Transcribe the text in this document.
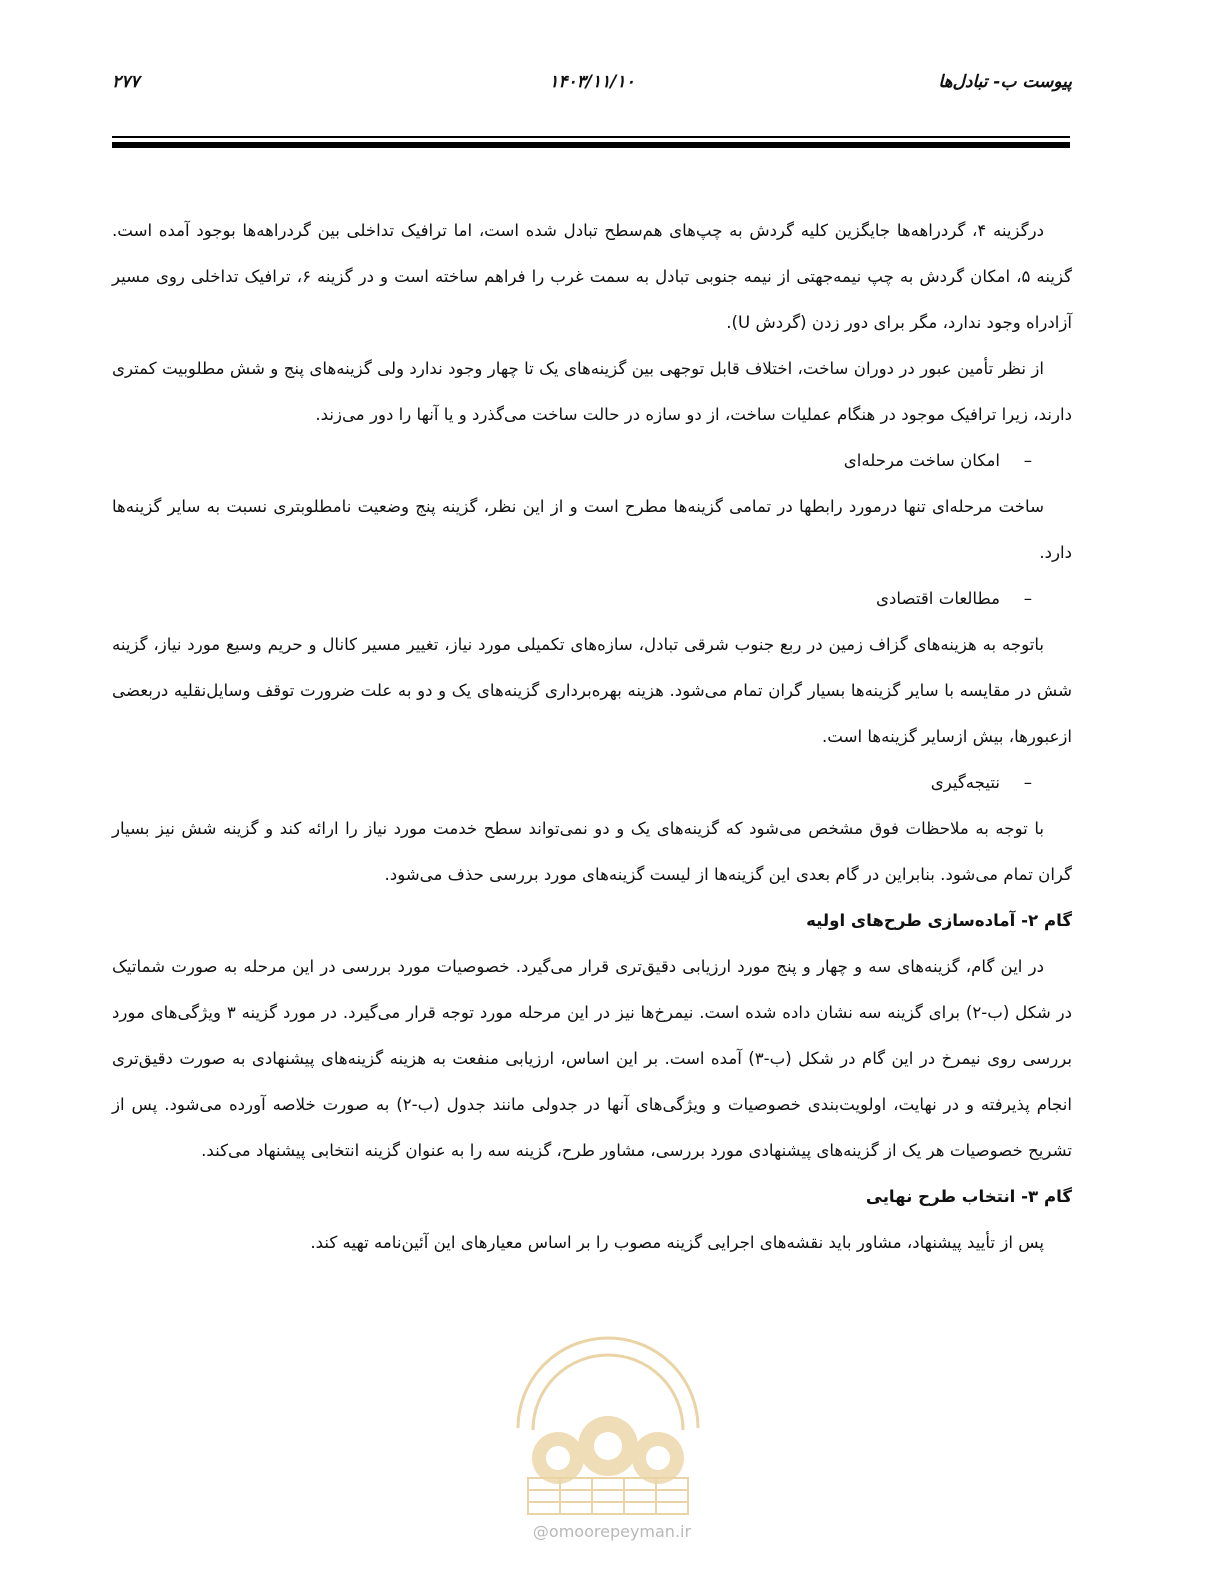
پیوست ب- تبادل‌ها
۱۴۰۳/۱۱/۱۰
۲۷۷

درگزینه ۴، گردراهه‌ها جایگزین کلیه گردش به چپ‌های هم‌سطح تبادل شده است، اما ترافیک تداخلی بین گردراهه‌ها بوجود آمده است. گزینه ۵، امکان گردش به چپ نیمه‌جهتی از نیمه جنوبی تبادل به سمت غرب را فراهم ساخته است و در گزینه ۶، ترافیک تداخلی روی مسیر آزادراه وجود ندارد، مگر برای دور زدن (گردش U).

از نظر تأمین عبور در دوران ساخت، اختلاف قابل توجهی بین گزینه‌های یک تا چهار وجود ندارد ولی گزینه‌های پنج و شش مطلوبیت کمتری دارند، زیرا ترافیک موجود در هنگام عملیات ساخت، از دو سازه در حالت ساخت می‌گذرد و یا آنها را دور می‌زند.

–
امکان ساخت مرحله‌ای

ساخت مرحله‌ای تنها درمورد رابطها در تمامی گزینه‌ها مطرح است و از این نظر، گزینه پنج وضعیت نامطلوبتری نسبت به سایر گزینه‌ها دارد.

–
مطالعات اقتصادی

باتوجه به هزینه‌های گزاف زمین در ربع جنوب شرقی تبادل، سازه‌های تکمیلی مورد نیاز، تغییر مسیر کانال و حریم وسیع مورد نیاز، گزینه شش در مقایسه با سایر گزینه‌ها بسیار گران تمام می‌شود. هزینه بهره‌برداری گزینه‌های یک و دو به علت ضرورت توقف وسایل‌نقلیه دربعضی ازعبورها، بیش ازسایر گزینه‌ها است.

–
نتیجه‌گیری

با توجه به ملاحظات فوق مشخص می‌شود که گزینه‌های یک و دو نمی‌تواند سطح خدمت مورد نیاز را ارائه کند و گزینه شش نیز بسیار گران تمام می‌شود. بنابراین در گام بعدی این گزینه‌ها از لیست گزینه‌های مورد بررسی حذف می‌شود.

گام ۲- آماده‌سازی طرح‌های اولیه

در این گام، گزینه‌های سه و چهار و پنج مورد ارزیابی دقیق‌تری قرار می‌گیرد. خصوصیات مورد بررسی در این مرحله به صورت شماتیک در شکل (ب-۲) برای گزینه سه نشان داده شده است. نیمرخ‌ها نیز در این مرحله مورد توجه قرار می‌گیرد. در مورد گزینه ۳ ویژگی‌های مورد بررسی روی نیمرخ در این گام در شکل (ب-۳) آمده است. بر این اساس، ارزیابی منفعت به هزینه گزینه‌های پیشنهادی به صورت دقیق‌تری انجام پذیرفته و در نهایت، اولویت‌بندی خصوصیات و ویژگی‌های آنها در جدولی مانند جدول (ب-۲) به صورت خلاصه آورده می‌شود. پس از تشریح خصوصیات هر یک از گزینه‌های پیشنهادی مورد بررسی، مشاور طرح، گزینه سه را به عنوان گزینه انتخابی پیشنهاد می‌کند.

گام ۳- انتخاب طرح نهایی

پس از تأیید پیشنهاد، مشاور باید نقشه‌های اجرایی گزینه مصوب را بر اساس معیارهای این آئین‌نامه تهیه کند.

@omoorepeyman.ir
